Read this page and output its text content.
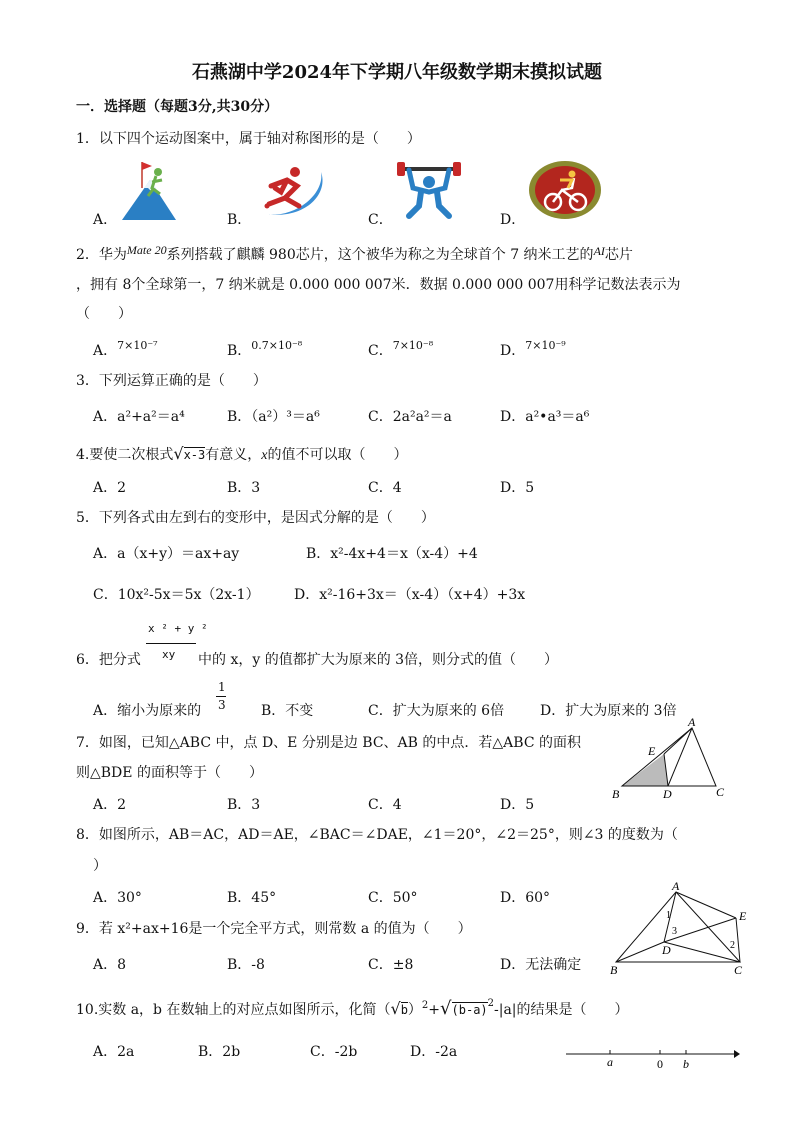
石燕湖中学2024年下学期八年级数学期末摸拟试题
一．选择题（每题3分,共30分）
1．以下四个运动图案中，属于轴对称图形的是（　　）
A．	B．	C．	D．
2．华为Mate 20系列搭载了麒麟 980芯片，这个被华为称之为全球首个 7 纳米工艺的AI芯片
，拥有 8个全球第一，7 纳米就是 0.000 000 007米．数据 0.000 000 007用科学记数法表示为
（　　）
A．$^{7\times 10^{-7}}$	B．$^{0.7\times 10^{-8}}$	C．$^{7\times 10^{-8}}$	D．$^{7\times 10^{-9}}$
3．下列运算正确的是（　　）
A．a²+a²＝a⁴	B．（a²）³＝a⁶	C．2a²a²＝a	D．a²•a³＝a⁶
4.要使二次根式√x-3有意义，x的值不可以取（　　）
A．2	B．3	C．4	D．5
5．下列各式由左到右的变形中，是因式分解的是（　　）
A．a（x+y）＝ax+ay	B．x²-4x+4＝x（x-4）+4
C．10x²-5x＝5x（2x-1） D．x²-16+3x＝（x-4）（x+4）+3x
x ² + y ²
xy
6．把分式	中的 x，y 的值都扩大为原来的 3倍，则分式的值（　　）
A．缩小为原来的
1
3	B．不变	C．扩大为原来的 6倍	D．扩大为原来的 3倍
7．如图，已知△ABC 中，点 D、E 分别是边 BC、AB 的中点．若△ABC 的面积
则△BDE 的面积等于（　　）
A．2	B．3	C．4	D．5
A
E
B	D	C
8．如图所示，AB＝AC，AD＝AE，∠BAC＝∠DAE，∠1＝20°，∠2＝25°，则∠3 的度数为（
）
A．30°	B．45°	C．50°	D．60°
A
E
B
D
C
1
2
3
9．若 x²+ax+16是一个完全平方式，则常数 a 的值为（　　）
A．8	B．-8	C．±8	D．无法确定
10.实数 a，b 在数轴上的对应点如图所示，化简$(√b)^2+√(b-a)^2-|a|$的结果是（　　）
A．2a	B．2b	C．-2b	D．-2a
a	0 b
